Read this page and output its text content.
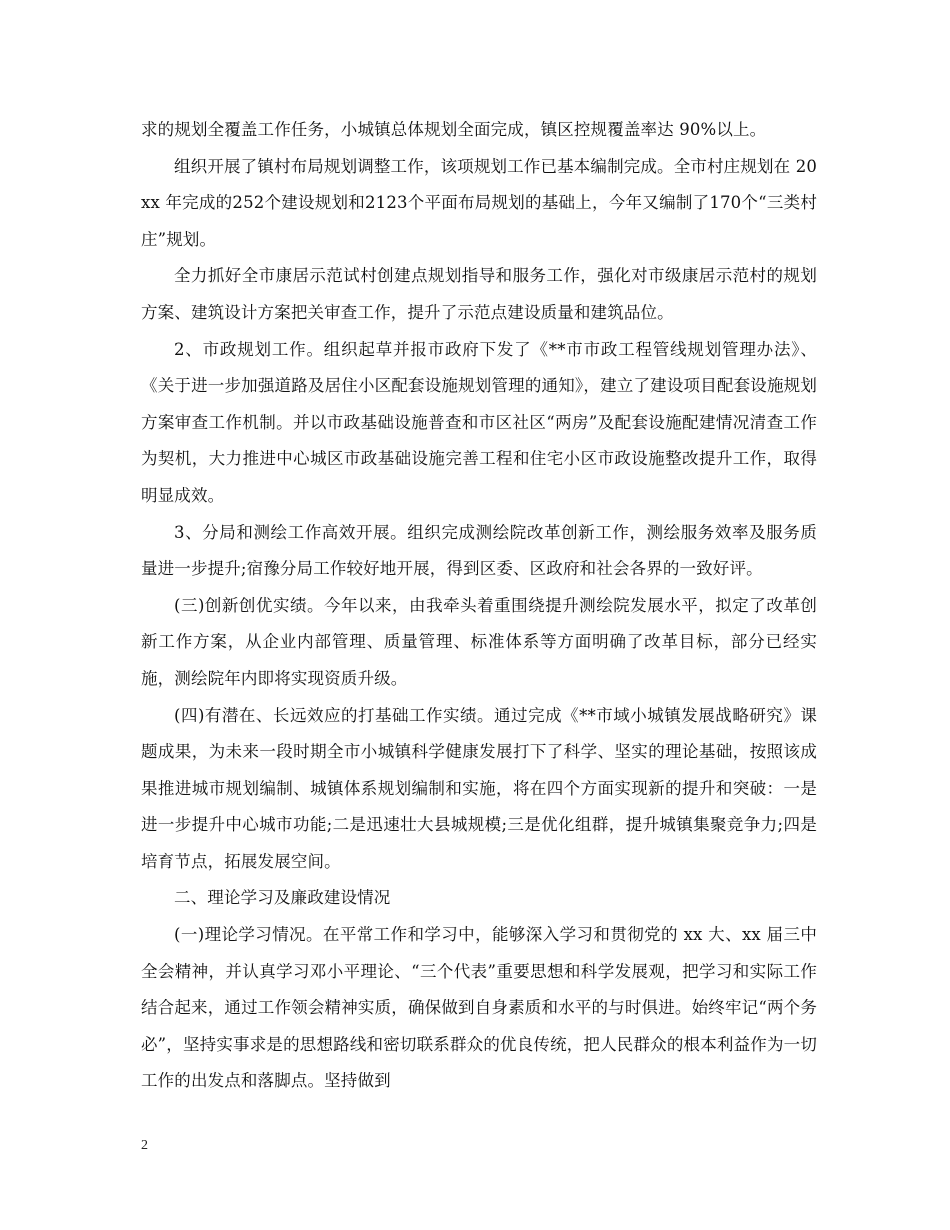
求的规划全覆盖工作任务，小城镇总体规划全面完成，镇区控规覆盖率达 90%以上。

组织开展了镇村布局规划调整工作，该项规划工作已基本编制完成。全市村庄规划在 20xx 年完成的252个建设规划和2123个平面布局规划的基础上，今年又编制了170个“三类村庄”规划。

全力抓好全市康居示范试村创建点规划指导和服务工作，强化对市级康居示范村的规划方案、建筑设计方案把关审查工作，提升了示范点建设质量和建筑品位。

2、市政规划工作。组织起草并报市政府下发了《**市市政工程管线规划管理办法》、《关于进一步加强道路及居住小区配套设施规划管理的通知》，建立了建设项目配套设施规划方案审查工作机制。并以市政基础设施普查和市区社区“两房”及配套设施配建情况清查工作为契机，大力推进中心城区市政基础设施完善工程和住宅小区市政设施整改提升工作，取得明显成效。

3、分局和测绘工作高效开展。组织完成测绘院改革创新工作，测绘服务效率及服务质量进一步提升;宿豫分局工作较好地开展，得到区委、区政府和社会各界的一致好评。

(三)创新创优实绩。今年以来，由我牵头着重围绕提升测绘院发展水平，拟定了改革创新工作方案，从企业内部管理、质量管理、标准体系等方面明确了改革目标，部分已经实施，测绘院年内即将实现资质升级。

(四)有潜在、长远效应的打基础工作实绩。通过完成《**市域小城镇发展战略研究》课题成果，为未来一段时期全市小城镇科学健康发展打下了科学、坚实的理论基础，按照该成果推进城市规划编制、城镇体系规划编制和实施，将在四个方面实现新的提升和突破：一是进一步提升中心城市功能;二是迅速壮大县城规模;三是优化组群，提升城镇集聚竞争力;四是培育节点，拓展发展空间。

二、理论学习及廉政建设情况

(一)理论学习情况。在平常工作和学习中，能够深入学习和贯彻党的 xx 大、xx 届三中全会精神，并认真学习邓小平理论、“三个代表”重要思想和科学发展观，把学习和实际工作结合起来，通过工作领会精神实质，确保做到自身素质和水平的与时俱进。始终牢记“两个务必”，坚持实事求是的思想路线和密切联系群众的优良传统，把人民群众的根本利益作为一切工作的出发点和落脚点。坚持做到

2
